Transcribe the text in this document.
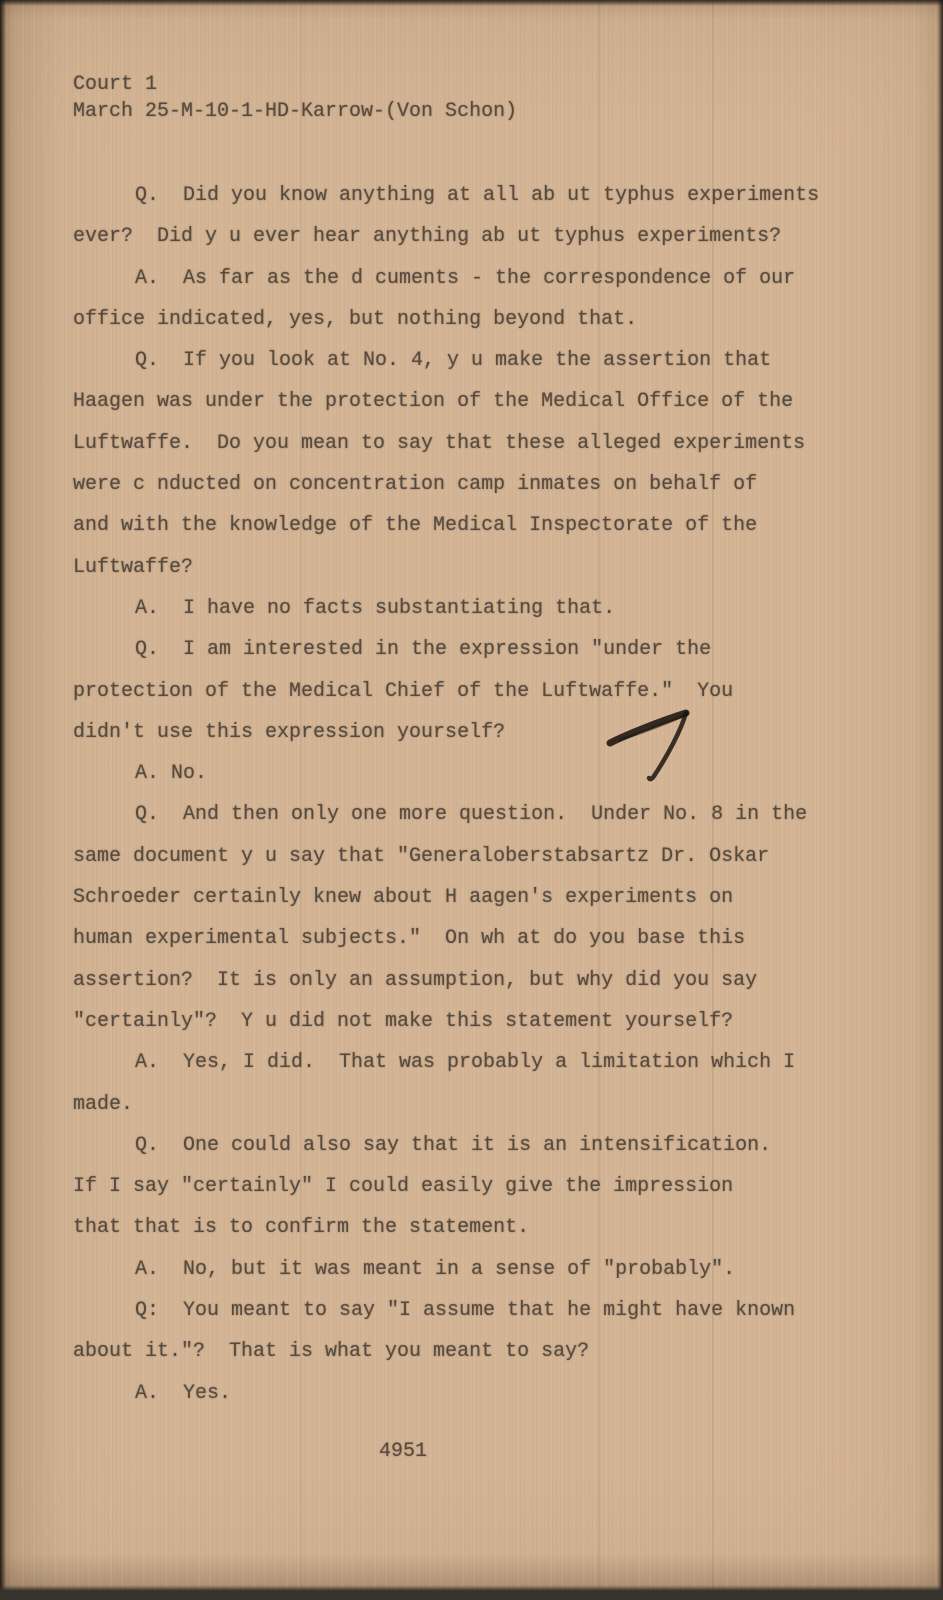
Court 1
March 25-M-10-1-HD-Karrow-(Von Schon)
Q.  Did you know anything at all ab ut typhus experiments
ever?  Did y u ever hear anything ab ut typhus experiments?
A.  As far as the d cuments - the correspondence of our
office indicated, yes, but nothing beyond that.
Q.  If you look at No. 4, y u make the assertion that
Haagen was under the protection of the Medical Office of the
Luftwaffe.  Do you mean to say that these alleged experiments
were c nducted on concentration camp inmates on behalf of
and with the knowledge of the Medical Inspectorate of the
Luftwaffe?
A.  I have no facts substantiating that.
Q.  I am interested in the expression "under the
protection of the Medical Chief of the Luftwaffe."  You
didn't use this expression yourself?
A. No.
Q.  And then only one more question.  Under No. 8 in the
same document y u say that "Generaloberstabsartz Dr. Oskar
Schroeder certainly knew about H aagen's experiments on
human experimental subjects."  On wh at do you base this
assertion?  It is only an assumption, but why did you say
"certainly"?  Y u did not make this statement yourself?
A.  Yes, I did.  That was probably a limitation which I
made.
Q.  One could also say that it is an intensification.
If I say "certainly" I could easily give the impression
that that is to confirm the statement.
A.  No, but it was meant in a sense of "probably".
Q:  You meant to say "I assume that he might have known
about it."?  That is what you meant to say?
A.  Yes.
4951
